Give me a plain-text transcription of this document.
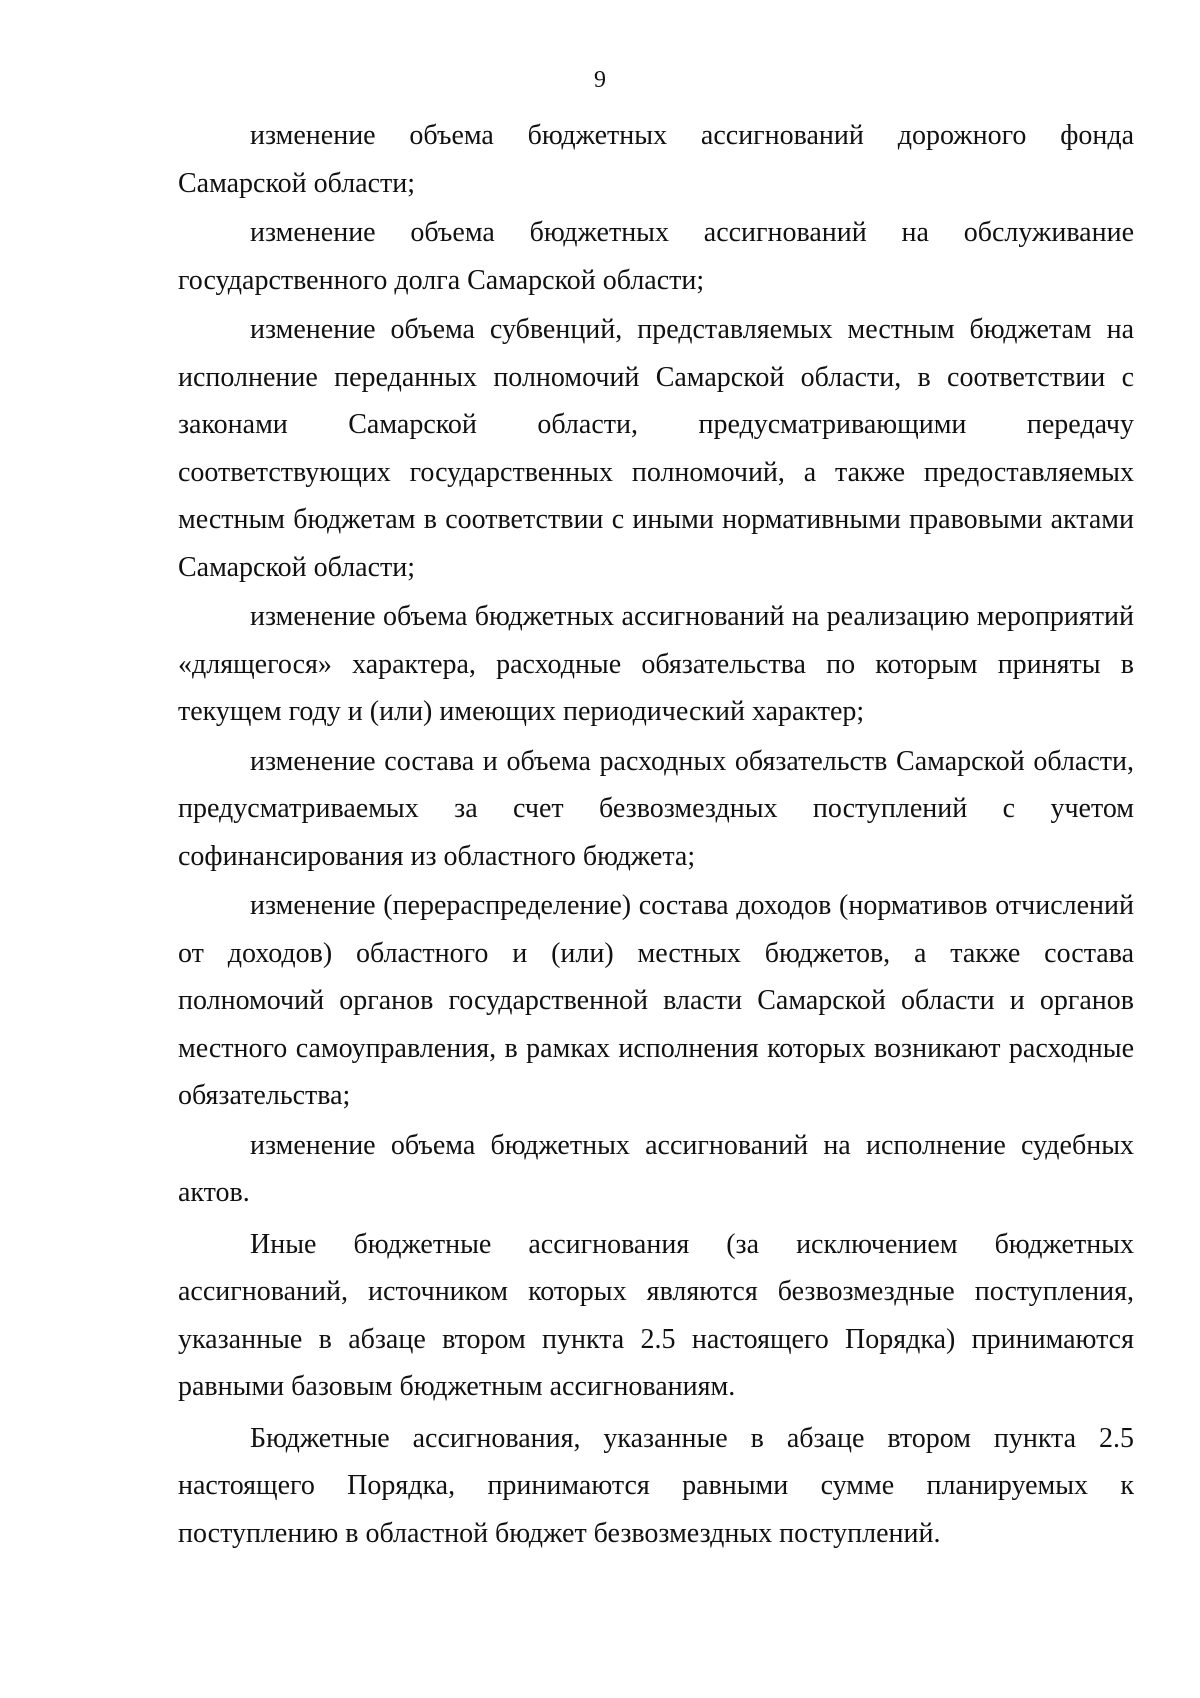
9

изменение объема бюджетных ассигнований дорожного фонда Самарской области;

изменение объема бюджетных ассигнований на обслуживание государственного долга Самарской области;

изменение объема субвенций, представляемых местным бюджетам на исполнение переданных полномочий Самарской области, в соответствии с законами Самарской области, предусматривающими передачу соответствующих государственных полномочий, а также предоставляемых местным бюджетам в соответствии с иными нормативными правовыми актами Самарской области;

изменение объема бюджетных ассигнований на реализацию мероприятий «длящегося» характера, расходные обязательства по которым приняты в текущем году и (или) имеющих периодический характер;

изменение состава и объема расходных обязательств Самарской области, предусматриваемых за счет безвозмездных поступлений с учетом софинансирования из областного бюджета;

изменение (перераспределение) состава доходов (нормативов отчислений от доходов) областного и (или) местных бюджетов, а также состава полномочий органов государственной власти Самарской области и органов местного самоуправления, в рамках исполнения которых возникают расходные обязательства;

изменение объема бюджетных ассигнований на исполнение судебных актов.

Иные бюджетные ассигнования (за исключением бюджетных ассигнований, источником которых являются безвозмездные поступления, указанные в абзаце втором пункта 2.5 настоящего Порядка) принимаются равными базовым бюджетным ассигнованиям.

Бюджетные ассигнования, указанные в абзаце втором пункта 2.5 настоящего Порядка, принимаются равными сумме планируемых к поступлению в областной бюджет безвозмездных поступлений.
